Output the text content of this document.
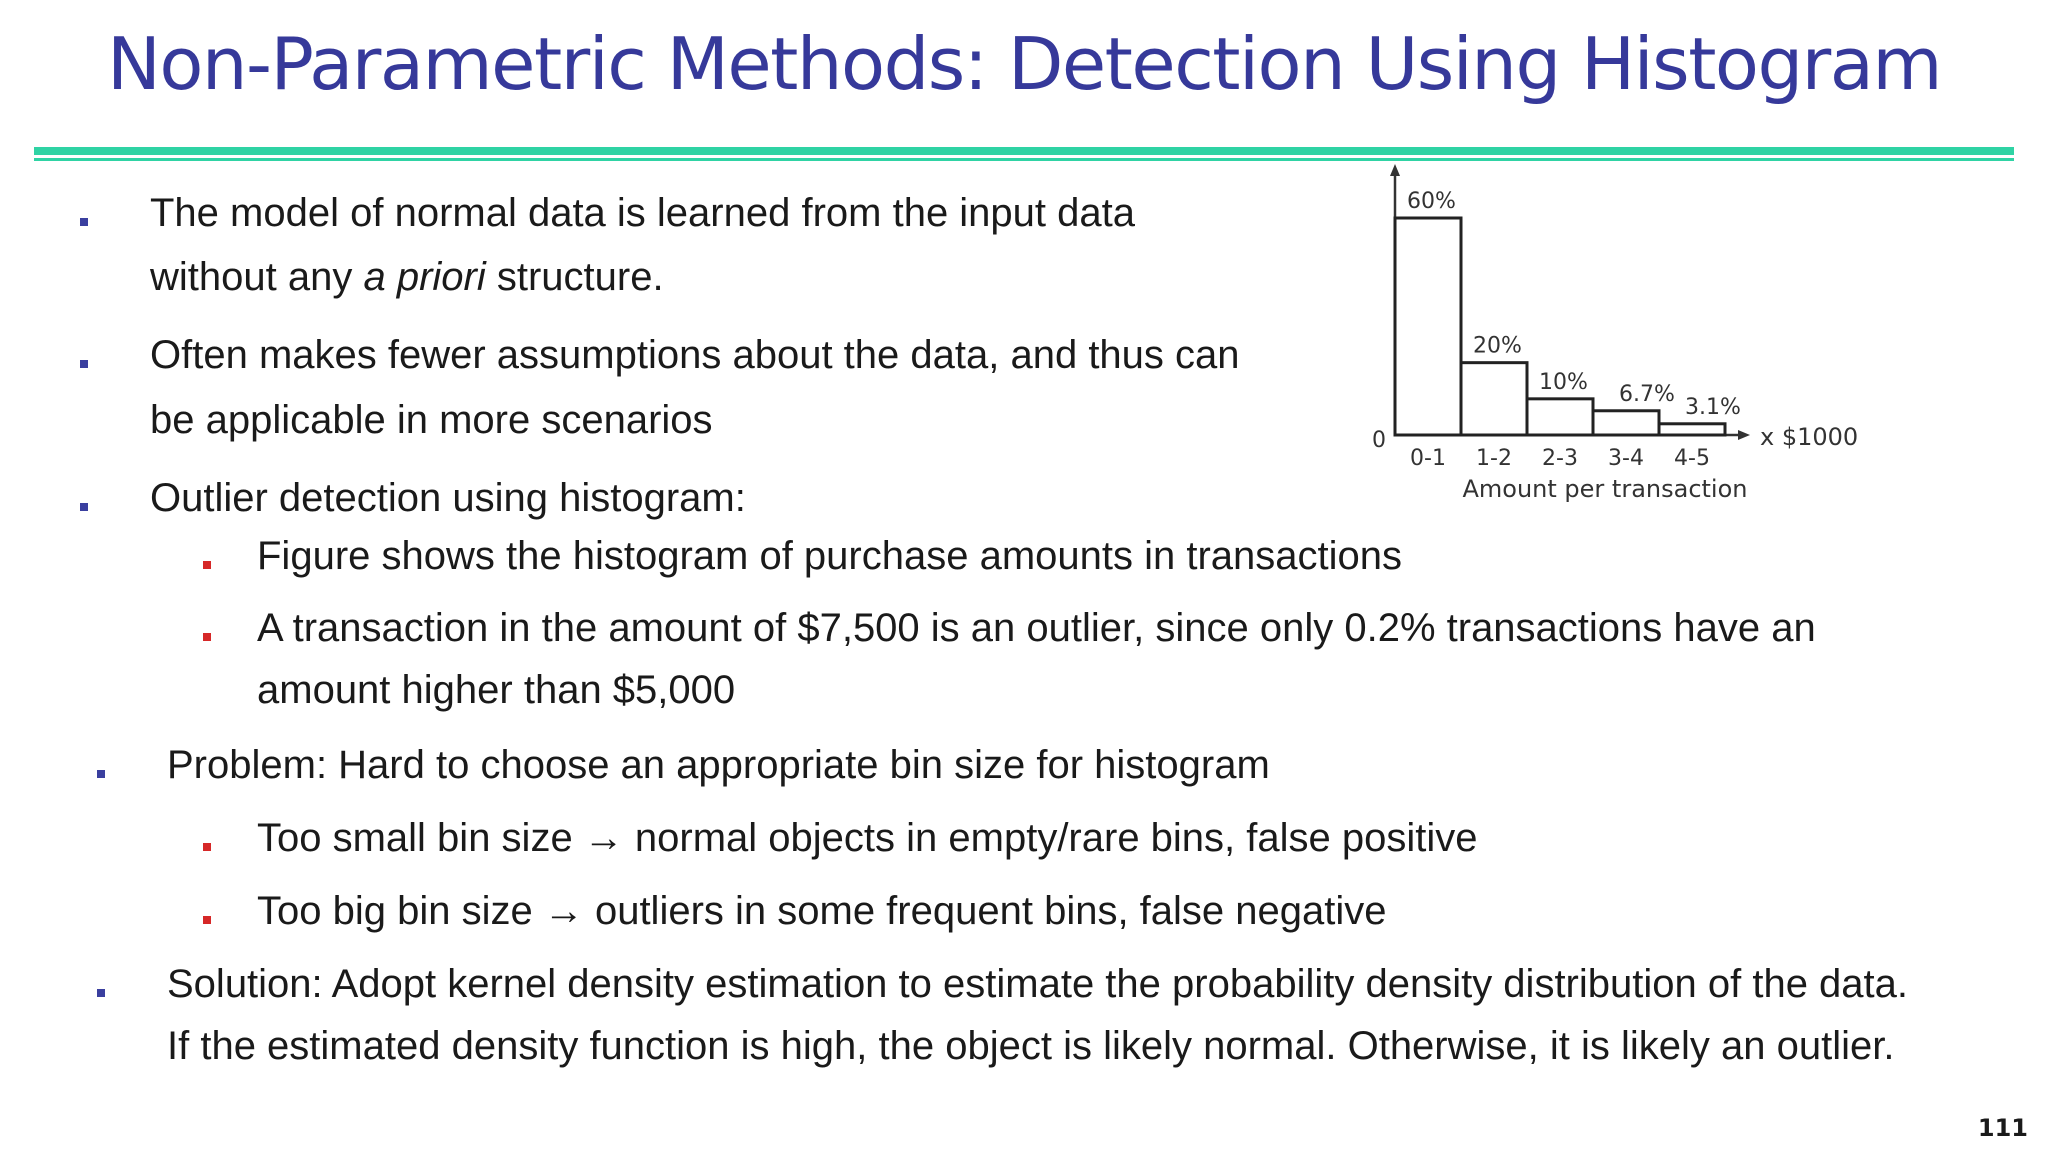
Non-Parametric Methods: Detection Using Histogram
The model of normal data is learned from the input data
without any a priori structure.
Often makes fewer assumptions about the data, and thus can
be applicable in more scenarios
Outlier detection using histogram:
Figure shows the histogram of purchase amounts in transactions
A transaction in the amount of $7,500 is an outlier, since only 0.2% transactions have an
amount higher than $5,000
Problem: Hard to choose an appropriate bin size for histogram
Too small bin size → normal objects in empty/rare bins, false positive
Too big bin size → outliers in some frequent bins, false negative
Solution: Adopt kernel density estimation to estimate the probability density distribution of the data.
If the estimated density function is high, the object is likely normal. Otherwise, it is likely an outlier.
0	x $1000
Amount per transaction
60%
0-1
20%
1-2
10%
2-3
6.7%
3-4
3.1%
4-5
111
